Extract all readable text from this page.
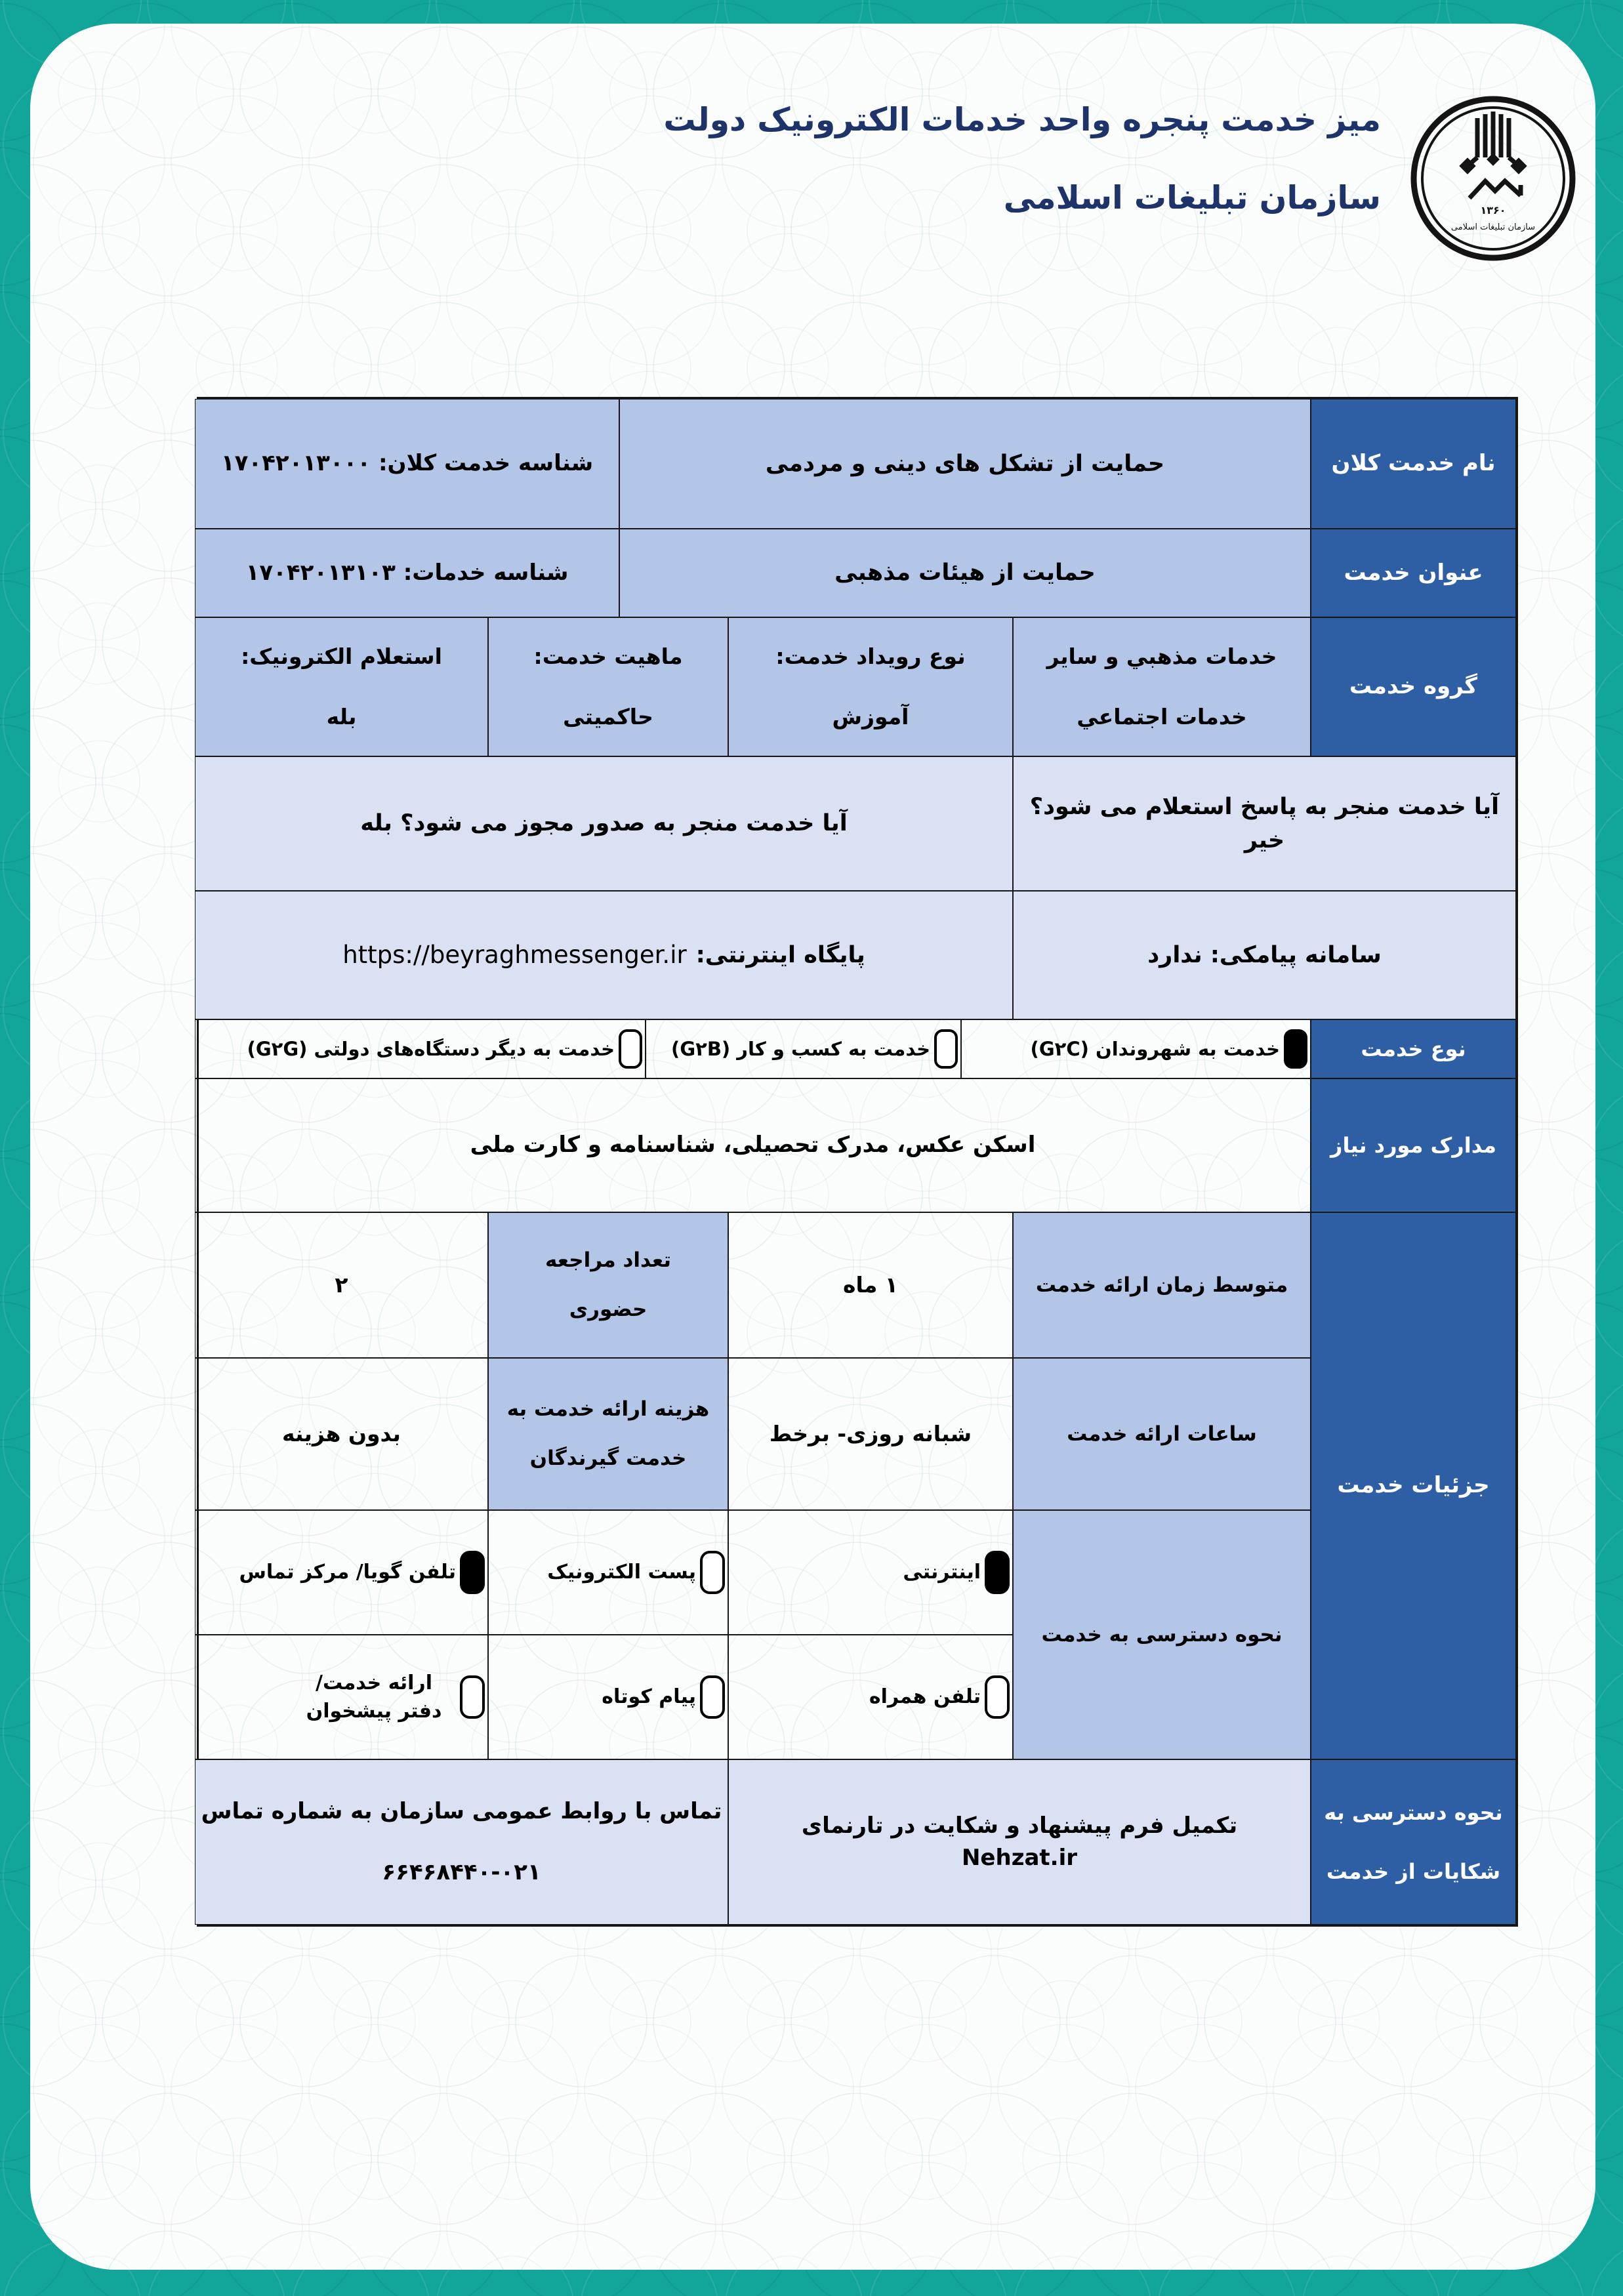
میز خدمت پنجره واحد خدمات الکترونیک دولت
سازمان تبلیغات اسلامی	۱۳۶۰
سازمان تبلیغات اسلامی
نام خدمت کلان
حمایت از تشکل های دینی و مردمی
شناسه خدمت کلان: ۱۷۰۴۲۰۱۳۰۰۰
عنوان خدمت
حمایت از هیئات مذهبی
شناسه خدمات: ۱۷۰۴۲۰۱۳۱۰۳
گروه خدمت
خدمات مذهبي و ساير
خدمات اجتماعي
نوع رویداد خدمت:
آموزش
ماهیت خدمت:
حاکمیتی
استعلام الکترونیک:
بله
آیا خدمت منجر به پاسخ استعلام می شود؟ خیر
آیا خدمت منجر به صدور مجوز می شود؟ بله
سامانه پیامکی: ندارد
پایگاه اینترنتی:
https://beyraghmessenger.ir
نوع خدمت
خدمت به شهروندان (G۲C)
خدمت به کسب و کار (G۲B)
خدمت به دیگر دستگاه‌های دولتی (G۲G)
مدارک مورد نیاز
اسکن عکس، مدرک تحصیلی، شناسنامه و کارت ملی
جزئیات خدمت
متوسط زمان ارائه خدمت
۱ ماه
تعداد مراجعه
حضوری
۲
ساعات ارائه خدمت
شبانه روزی- برخط
هزینه ارائه خدمت به
خدمت گیرندگان
بدون هزینه
نحوه دسترسی به خدمت
اینترنتی
پست الکترونیک
تلفن گویا/ مرکز تماس
تلفن همراه
پیام کوتاه
ارائه خدمت/ دفتر پیشخوان
نحوه دسترسی به
شکایات از خدمت
تکمیل فرم پیشنهاد و شکایت در تارنمای Nehzat.ir
تماس با روابط عمومی سازمان به شماره تماس
۶۶۴۶۸۴۴۰-۰۲۱
